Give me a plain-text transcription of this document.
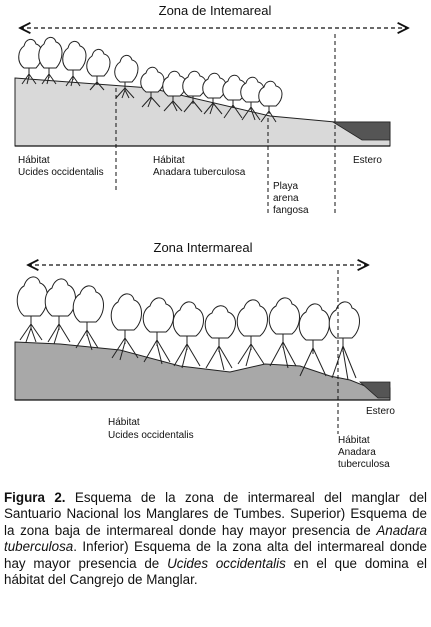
Zona de Intemareal
Hábitat
Ucides occidentalis
Hábitat
Anadara tuberculosa
Playa
arena
fangosa
Estero
Zona Intermareal
Hábitat
Ucides occidentalis
Estero
Hábitat
Anadara
tuberculosa

Figura 2. Esquema de la zona de intermareal del manglar del Santuario Nacional los Manglares de Tumbes. Superior) Esquema de la zona baja de intermareal donde hay mayor presencia de Anadara tuberculosa. Inferior) Esquema de la zona alta del intermareal donde hay mayor presencia de Ucides occidentalis en el que domina el hábitat del Cangrejo de Manglar.
